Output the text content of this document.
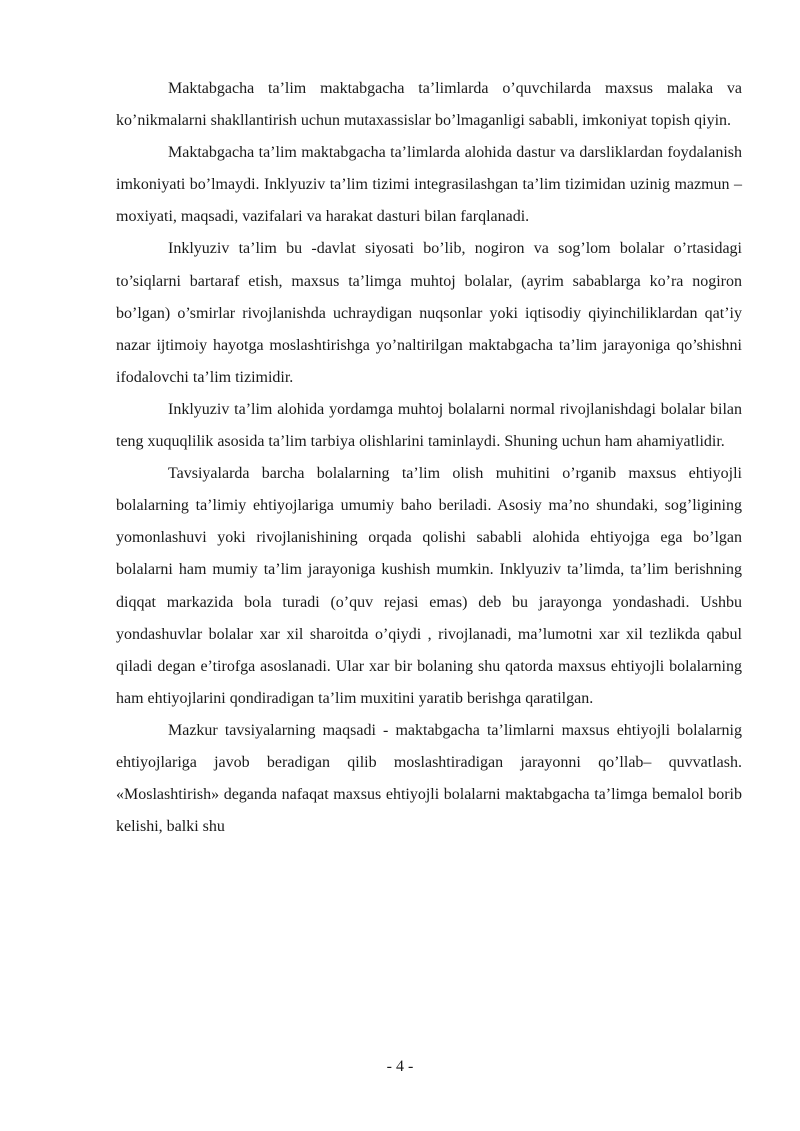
Maktabgacha ta’lim maktabgacha ta’limlarda o’quvchilarda maxsus malaka va ko’nikmalarni shakllantirish uchun mutaxassislar bo’lmaganligi sababli, imkoniyat topish qiyin.

Maktabgacha ta’lim maktabgacha ta’limlarda alohida dastur va darsliklardan foydalanish imkoniyati bo’lmaydi. Inklyuziv ta’lim tizimi integrasilashgan ta’lim tizimidan uzinig mazmun – moxiyati, maqsadi, vazifalari va harakat dasturi bilan farqlanadi.

Inklyuziv ta’lim bu -davlat siyosati bo’lib, nogiron va sog’lom bolalar o’rtasidagi to’siqlarni bartaraf etish, maxsus ta’limga muhtoj bolalar, (ayrim sabablarga ko’ra nogiron bo’lgan) o’smirlar rivojlanishda uchraydigan nuqsonlar yoki iqtisodiy qiyinchiliklardan qat’iy nazar ijtimoiy hayotga moslashtirishga yo’naltirilgan maktabgacha ta’lim jarayoniga qo’shishni ifodalovchi ta’lim tizimidir.

Inklyuziv ta’lim alohida yordamga muhtoj bolalarni normal rivojlanishdagi bolalar bilan teng xuquqlilik asosida ta’lim tarbiya olishlarini taminlaydi. Shuning uchun ham ahamiyatlidir.

Tavsiyalarda barcha bolalarning ta’lim olish muhitini o’rganib maxsus ehtiyojli bolalarning ta’limiy ehtiyojlariga umumiy baho beriladi. Asosiy ma’no shundaki, sog’ligining yomonlashuvi yoki rivojlanishining orqada qolishi sababli alohida ehtiyojga ega bo’lgan bolalarni ham mumiy ta’lim jarayoniga kushish mumkin. Inklyuziv ta’limda, ta’lim berishning diqqat markazida bola turadi (o’quv rejasi emas) deb bu jarayonga yondashadi. Ushbu yondashuvlar bolalar xar xil sharoitda o’qiydi , rivojlanadi, ma’lumotni xar xil tezlikda qabul qiladi degan e’tirofga asoslanadi. Ular xar bir bolaning shu qatorda maxsus ehtiyojli bolalarning ham ehtiyojlarini qondiradigan ta’lim muxitini yaratib berishga qaratilgan.

Mazkur tavsiyalarning maqsadi - maktabgacha ta’limlarni maxsus ehtiyojli bolalarnig ehtiyojlariga javob beradigan qilib moslashtiradigan jarayonni qo’llab– quvvatlash. «Moslashtirish» deganda nafaqat maxsus ehtiyojli bolalarni maktabgacha ta’limga bemalol borib kelishi, balki shu

- 4 -
